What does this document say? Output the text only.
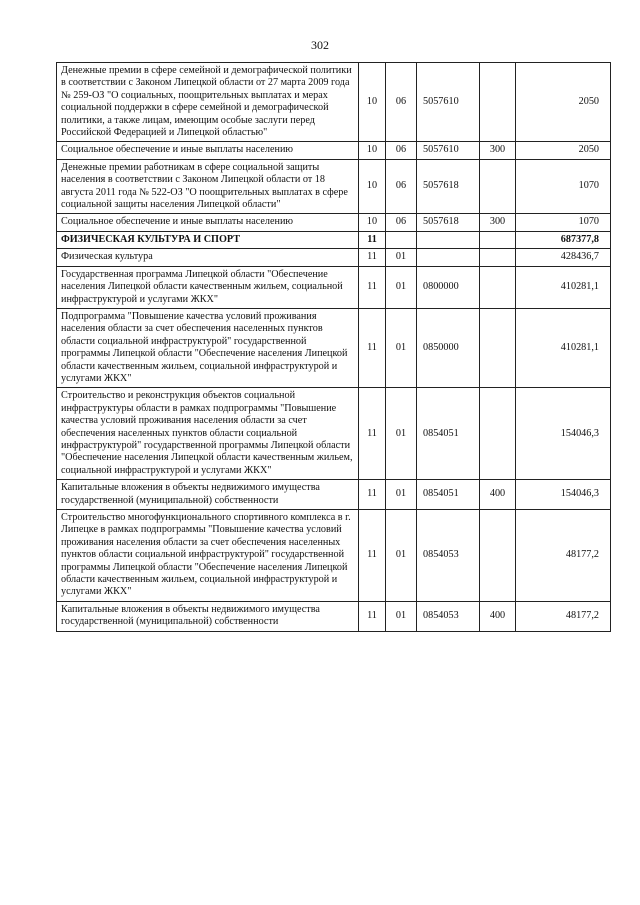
302
Денежные премии в сфере семейной и демографической политики в соответствии с Законом Липецкой области от 27 марта 2009 года № 259-ОЗ "О социальных, поощрительных выплатах и мерах социальной поддержки в сфере семейной и демографической политики, а также лицам, имеющим особые заслуги перед Российской Федерацией и Липецкой областью"	10	06	5057610		2050
Социальное обеспечение и иные выплаты населению	10	06	5057610	300	2050
Денежные премии работникам в сфере социальной защиты населения в соответствии с Законом Липецкой области от 18 августа 2011 года № 522-ОЗ "О поощрительных выплатах в сфере социальной защиты населения Липецкой области"	10	06	5057618		1070
Социальное обеспечение и иные выплаты населению	10	06	5057618	300	1070
ФИЗИЧЕСКАЯ КУЛЬТУРА И СПОРТ	11				687377,8
Физическая культура	11	01			428436,7
Государственная программа Липецкой области "Обеспечение населения Липецкой области качественным жильем, социальной инфраструктурой и услугами ЖКХ"	11	01	0800000		410281,1
Подпрограмма "Повышение качества условий проживания населения области за счет обеспечения населенных пунктов области социальной инфраструктурой" государственной программы Липецкой области "Обеспечение населения Липецкой области качественным жильем, социальной инфраструктурой и услугами ЖКХ"	11	01	0850000		410281,1
Строительство и реконструкция объектов социальной инфраструктуры области в рамках подпрограммы "Повышение качества условий проживания населения области за счет обеспечения населенных пунктов области социальной инфраструктурой" государственной программы Липецкой области "Обеспечение населения Липецкой области качественным жильем, социальной инфраструктурой и услугами ЖКХ"	11	01	0854051		154046,3
Капитальные вложения в объекты недвижимого имущества государственной (муниципальной) собственности	11	01	0854051	400	154046,3
Строительство многофункционального спортивного комплекса в г. Липецке в рамках подпрограммы "Повышение качества условий проживания населения области за счет обеспечения населенных пунктов области социальной инфраструктурой" государственной программы Липецкой области "Обеспечение населения Липецкой области качественным жильем, социальной инфраструктурой и услугами ЖКХ"	11	01	0854053		48177,2
Капитальные вложения в объекты недвижимого имущества государственной (муниципальной) собственности	11	01	0854053	400	48177,2
